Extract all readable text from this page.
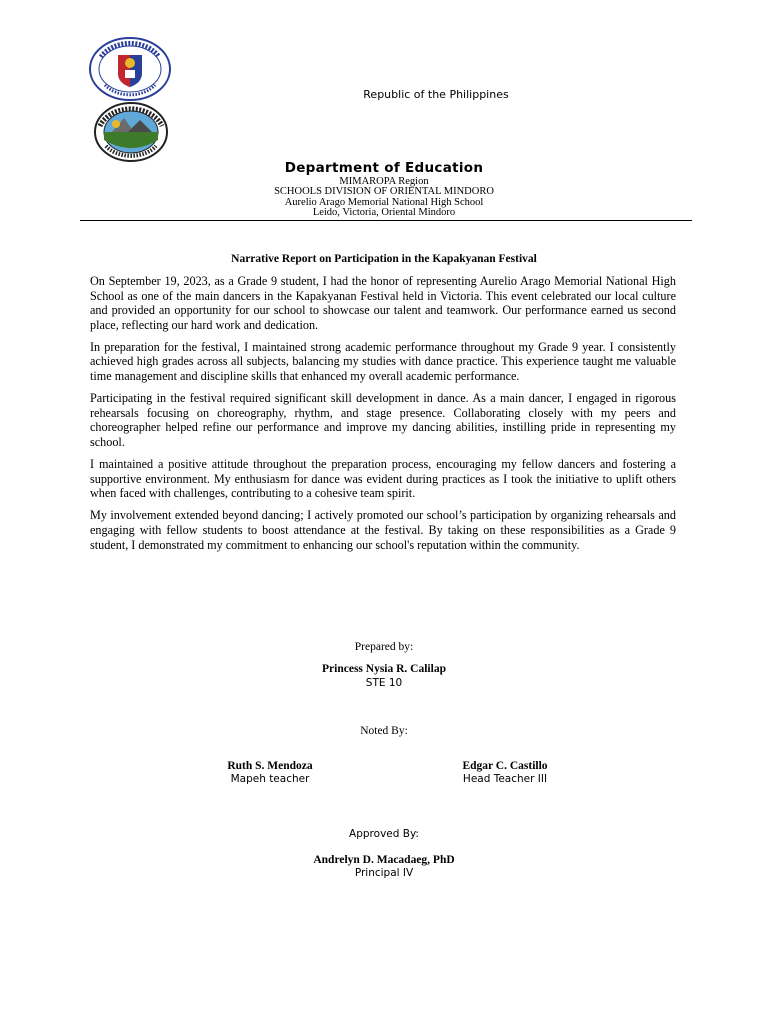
Republic of the Philippines
Department of Education
MIMAROPA Region
SCHOOLS DIVISION OF ORIENTAL MINDORO
Aurelio Arago Memorial National High School
Leido, Victoria, Oriental Mindoro
Narrative Report on Participation in the Kapakyanan Festival

On September 19, 2023, as a Grade 9 student, I had the honor of representing Aurelio Arago Memorial National High School as one of the main dancers in the Kapakyanan Festival held in Victoria. This event celebrated our local culture and provided an opportunity for our school to showcase our talent and teamwork. Our performance earned us second place, reflecting our hard work and dedication.

In preparation for the festival, I maintained strong academic performance throughout my Grade 9 year. I consistently achieved high grades across all subjects, balancing my studies with dance practice. This experience taught me valuable time management and discipline skills that enhanced my overall academic performance.

Participating in the festival required significant skill development in dance. As a main dancer, I engaged in rigorous rehearsals focusing on choreography, rhythm, and stage presence. Collaborating closely with my peers and choreographer helped refine our performance and improve my dancing abilities, instilling pride in representing my school.

I maintained a positive attitude throughout the preparation process, encouraging my fellow dancers and fostering a supportive environment. My enthusiasm for dance was evident during practices as I took the initiative to uplift others when faced with challenges, contributing to a cohesive team spirit.

My involvement extended beyond dancing; I actively promoted our school’s participation by organizing rehearsals and engaging with fellow students to boost attendance at the festival. By taking on these responsibilities as a Grade 9 student, I demonstrated my commitment to enhancing our school's reputation within the community.

Prepared by:
Princess Nysia R. Calilap
STE 10
Noted By:
Ruth S. Mendoza
Mapeh teacher
Edgar C. Castillo
Head Teacher III
Approved By:
Andrelyn D. Macadaeg, PhD
Principal IV
